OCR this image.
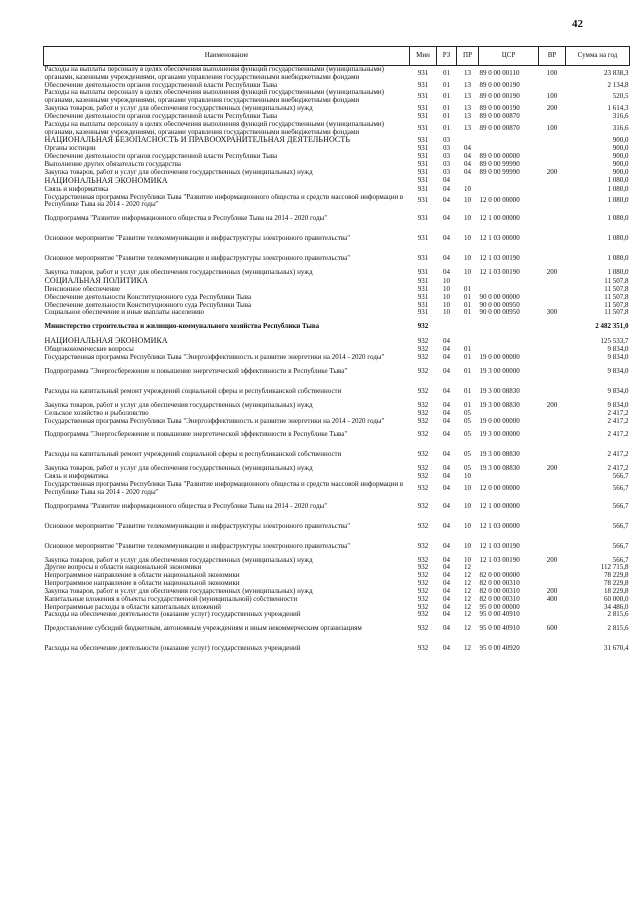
42
Наименование	Мин	РЗ	ПР	ЦСР	ВР	Сумма на год
Расходы на выплаты персоналу в целях обеспечения выполнения функций государственными (муниципальными) органами, казенными учреждениями, органами управления государственными внебюджетными фондами	931	01	13	89 0 00 00110	100	23 838,3
Обеспечение деятельности органов государственной власти Республики Тыва	931	01	13	89 0 00 00190		2 134,8
Расходы на выплаты персоналу в целях обеспечения выполнения функций государственными (муниципальными) органами, казенными учреждениями, органами управления государственными внебюджетными фондами	931	01	13	89 0 00 00190	100	520,5
Закупка товаров, работ и услуг для обеспечения государственных (муниципальных) нужд	931	01	13	89 0 00 00190	200	1 614,3
Обеспечение деятельности органов государственной власти Республики Тыва	931	01	13	89 0 00 00870		316,6
Расходы на выплаты персоналу в целях обеспечения выполнения функций государственными (муниципальными) органами, казенными учреждениями, органами управления государственными внебюджетными фондами	931	01	13	89 0 00 00870	100	316,6
НАЦИОНАЛЬНАЯ БЕЗОПАСНОСТЬ И ПРАВООХРАНИТЕЛЬНАЯ ДЕЯТЕЛЬНОСТЬ	931	03				900,0
Органы юстиции	931	03	04			900,0
Обеспечение деятельности органов государственной власти Республики Тыва	931	03	04	89 0 00 00000		900,0
Выполнение других обязательств государства	931	03	04	89 0 00 99990		900,0
Закупка товаров, работ и услуг для обеспечения государственных (муниципальных) нужд	931	03	04	89 0 00 99990	200	900,0
НАЦИОНАЛЬНАЯ ЭКОНОМИКА	931	04				1 080,0
Связь и информатика	931	04	10			1 080,0
Государственная программа Республики Тыва "Развитие информационного общества и средств массовой информации в Республике Тыва на 2014 - 2020 годы"	931	04	10	12 0 00 00000		1 080,0
Подпрограмма "Развитие информационного общества в Республике Тыва на 2014 - 2020 годы"	931	04	10	12 1 00 00000		1 080,0
Основное мероприятие "Развитие телекоммуникации и инфраструктуры электронного правительства"	931	04	10	12 1 03 00000		1 080,0
Основное мероприятие "Развитие телекоммуникации и инфраструктуры электронного правительства"	931	04	10	12 1 03 00190		1 080,0
Закупка товаров, работ и услуг для обеспечения государственных (муниципальных) нужд	931	04	10	12 1 03 00190	200	1 080,0
СОЦИАЛЬНАЯ ПОЛИТИКА	931	10				11 507,8
Пенсионное обеспечение	931	10	01			11 507,8
Обеспечение деятельности Конституционного суда Республики Тыва	931	10	01	90 0 00 00000		11 507,8
Обеспечение деятельности Конституционного суда Республики Тыва	931	10	01	90 0 00 00950		11 507,8
Социальное обеспечение и иные выплаты населению	931	10	01	90 0 00 00950	300	11 507,8
Министерство строительства и жилищно-коммунального хозяйства Республики Тыва	932					2 482 351,0
НАЦИОНАЛЬНАЯ ЭКОНОМИКА	932	04				125 533,7
Общеэкономические вопросы	932	04	01			9 834,0
Государственная программа Республики Тыва "Энергоэффективность и развитие энергетики на 2014 - 2020 годы"	932	04	01	19 0 00 00000		9 834,0
Подпрограмма "Энергосбережение и повышение энергетической эффективности в Республике Тыва"	932	04	01	19 3 00 00000		9 834,0
Расходы на капитальный ремонт учреждений социальной сферы и республиканской собственности	932	04	01	19 3 00 08830		9 834,0
Закупка товаров, работ и услуг для обеспечения государственных (муниципальных) нужд	932	04	01	19 3 00 08830	200	9 834,0
Сельское хозяйство и рыболовство	932	04	05			2 417,2
Государственная программа Республики Тыва "Энергоэффективность и развитие энергетики на 2014 - 2020 годы"	932	04	05	19 0 00 00000		2 417,2
Подпрограмма "Энергосбережение и повышение энергетической эффективности в Республике Тыва"	932	04	05	19 3 00 00000		2 417,2
Расходы на капитальный ремонт учреждений социальной сферы и республиканской собственности	932	04	05	19 3 00 08830		2 417,2
Закупка товаров, работ и услуг для обеспечения государственных (муниципальных) нужд	932	04	05	19 3 00 08830	200	2 417,2
Связь и информатика	932	04	10			566,7
Государственная программа Республики Тыва "Развитие информационного общества и средств массовой информации в Республике Тыва на 2014 - 2020 годы"	932	04	10	12 0 00 00000		566,7
Подпрограмма "Развитие информационного общества в Республике Тыва на 2014 - 2020 годы"	932	04	10	12 1 00 00000		566,7
Основное мероприятие "Развитие телекоммуникации и инфраструктуры электронного правительства"	932	04	10	12 1 03 00000		566,7
Основное мероприятие "Развитие телекоммуникации и инфраструктуры электронного правительства"	932	04	10	12 1 03 00190		566,7
Закупка товаров, работ и услуг для обеспечения государственных (муниципальных) нужд	932	04	10	12 1 03 00190	200	566,7
Другие вопросы в области национальной экономики	932	04	12			112 715,8
Непрограммное направление в области национальной экономики	932	04	12	82 0 00 00000		78 229,8
Непрограммное направление в области национальной экономики	932	04	12	82 0 00 00310		78 229,8
Закупка товаров, работ и услуг для обеспечения государственных (муниципальных) нужд	932	04	12	82 0 00 00310	200	18 229,8
Капитальные вложения в объекты государственной (муниципальной) собственности	932	04	12	82 0 00 00310	400	60 000,0
Непрограммные расходы в области капитальных вложений	932	04	12	95 0 00 00000		34 486,0
Расходы на обеспечение деятельности (оказание услуг) государственных учреждений	932	04	12	95 0 00 40910		2 815,6
Предоставление субсидий бюджетным, автономным учреждениям и иным некоммерческим организациям	932	04	12	95 0 00 40910	600	2 815,6
Расходы на обеспечение деятельности (оказание услуг) государственных учреждений	932	04	12	95 0 00 40920		31 670,4
